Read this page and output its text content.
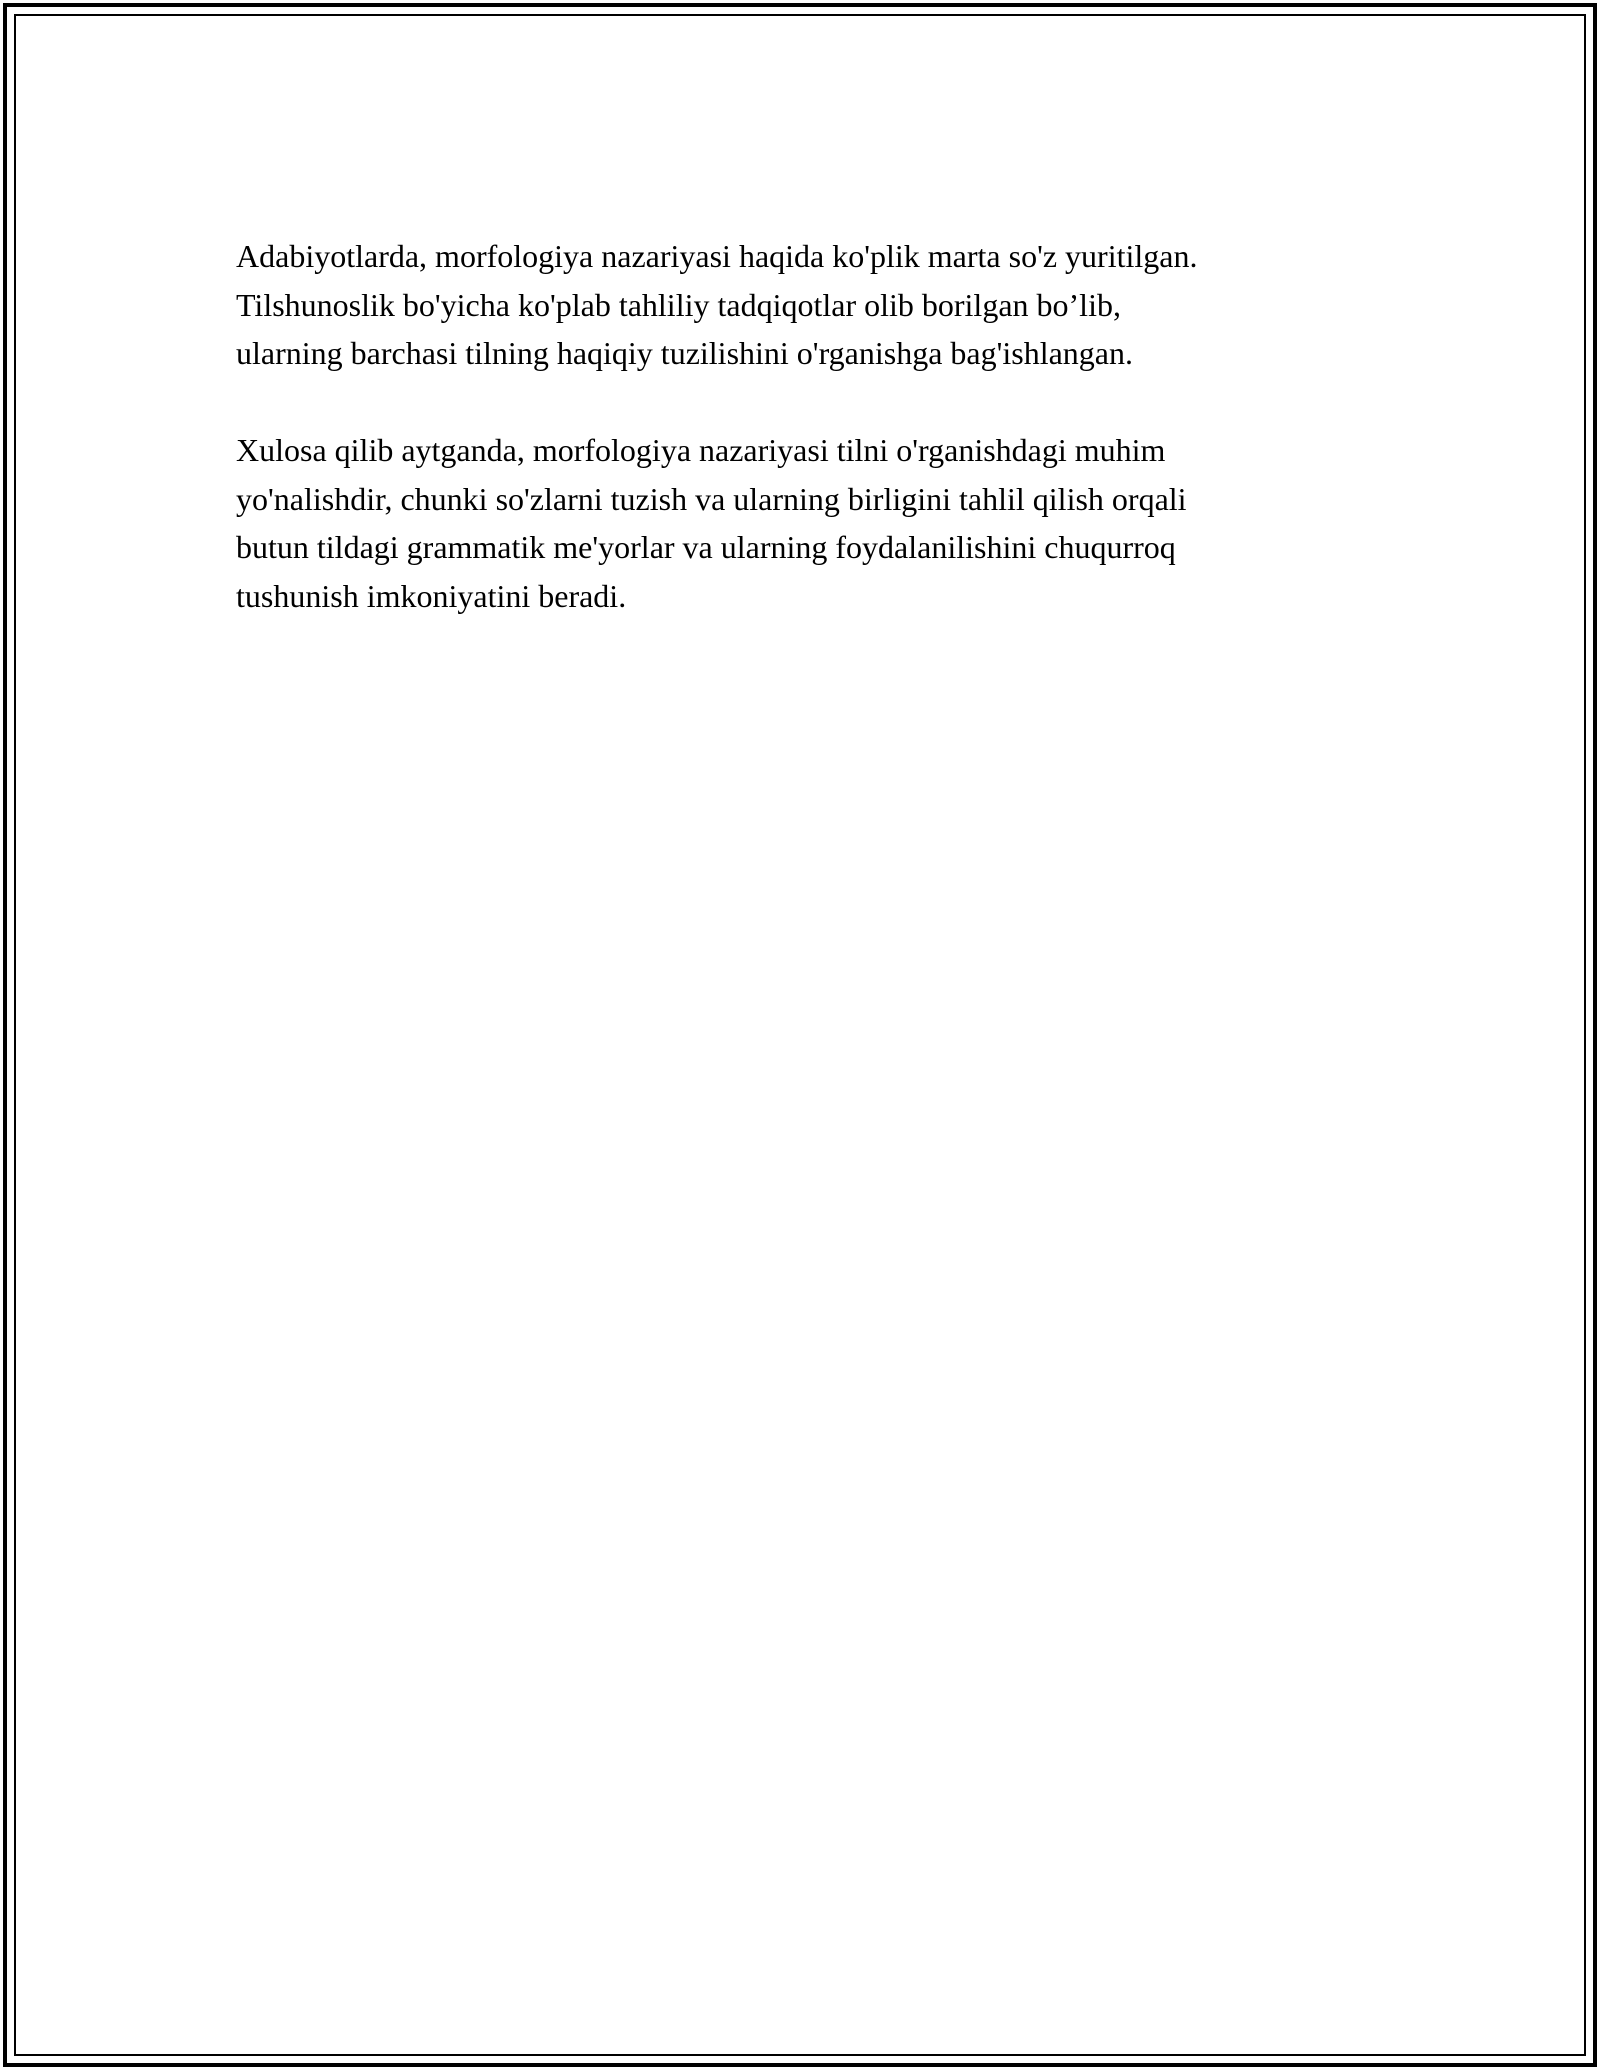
Adabiyotlarda, morfologiya nazariyasi haqida ko'plik marta so'z yuritilgan.
Tilshunoslik bo'yicha ko'plab tahliliy tadqiqotlar olib borilgan bo’lib,
ularning barchasi tilning haqiqiy tuzilishini o'rganishga bag'ishlangan.

Xulosa qilib aytganda, morfologiya nazariyasi tilni o'rganishdagi muhim
yo'nalishdir, chunki so'zlarni tuzish va ularning birligini tahlil qilish orqali
butun tildagi grammatik me'yorlar va ularning foydalanilishini chuqurroq
tushunish imkoniyatini beradi.
